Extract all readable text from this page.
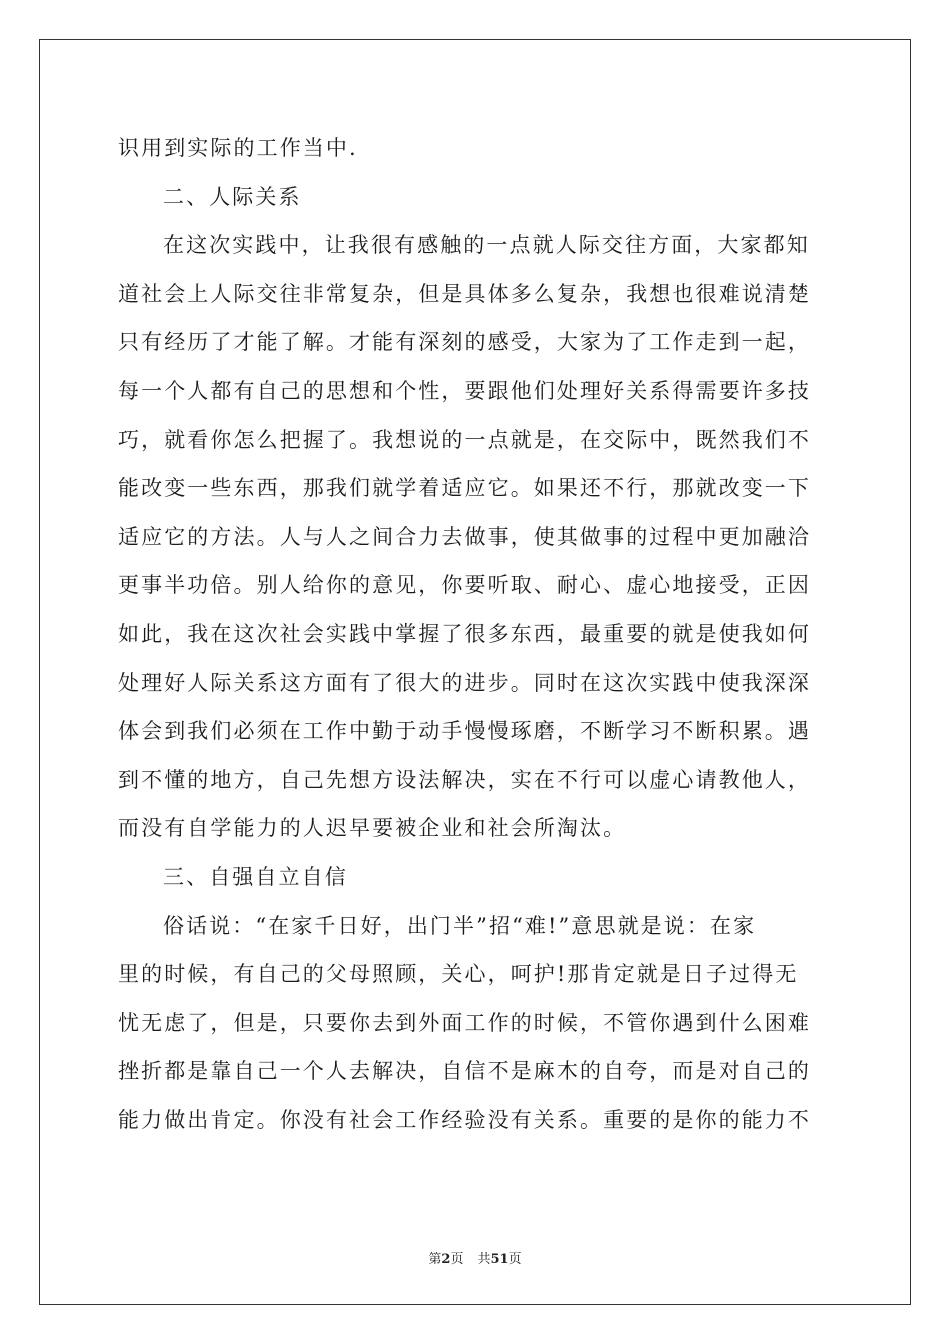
识用到实际的工作当中.
二、人际关系
在这次实践中，让我很有感触的一点就人际交往方面，大家都知
道社会上人际交往非常复杂，但是具体多么复杂，我想也很难说清楚
只有经历了才能了解。才能有深刻的感受，大家为了工作走到一起，
每一个人都有自己的思想和个性，要跟他们处理好关系得需要许多技
巧，就看你怎么把握了。我想说的一点就是，在交际中，既然我们不
能改变一些东西，那我们就学着适应它。如果还不行，那就改变一下
适应它的方法。人与人之间合力去做事，使其做事的过程中更加融洽
更事半功倍。别人给你的意见，你要听取、耐心、虚心地接受，正因
如此，我在这次社会实践中掌握了很多东西，最重要的就是使我如何
处理好人际关系这方面有了很大的进步。同时在这次实践中使我深深
体会到我们必须在工作中勤于动手慢慢琢磨，不断学习不断积累。遇
到不懂的地方，自己先想方设法解决，实在不行可以虚心请教他人，
而没有自学能力的人迟早要被企业和社会所淘汰。
三、自强自立自信
俗话说：“在家千日好，出门半”招“难!”意思就是说：在家
里的时候，有自己的父母照顾，关心，呵护!那肯定就是日子过得无
忧无虑了，但是，只要你去到外面工作的时候，不管你遇到什么困难
挫折都是靠自己一个人去解决，自信不是麻木的自夸，而是对自己的
能力做出肯定。你没有社会工作经验没有关系。重要的是你的能力不
第2页 共51页
